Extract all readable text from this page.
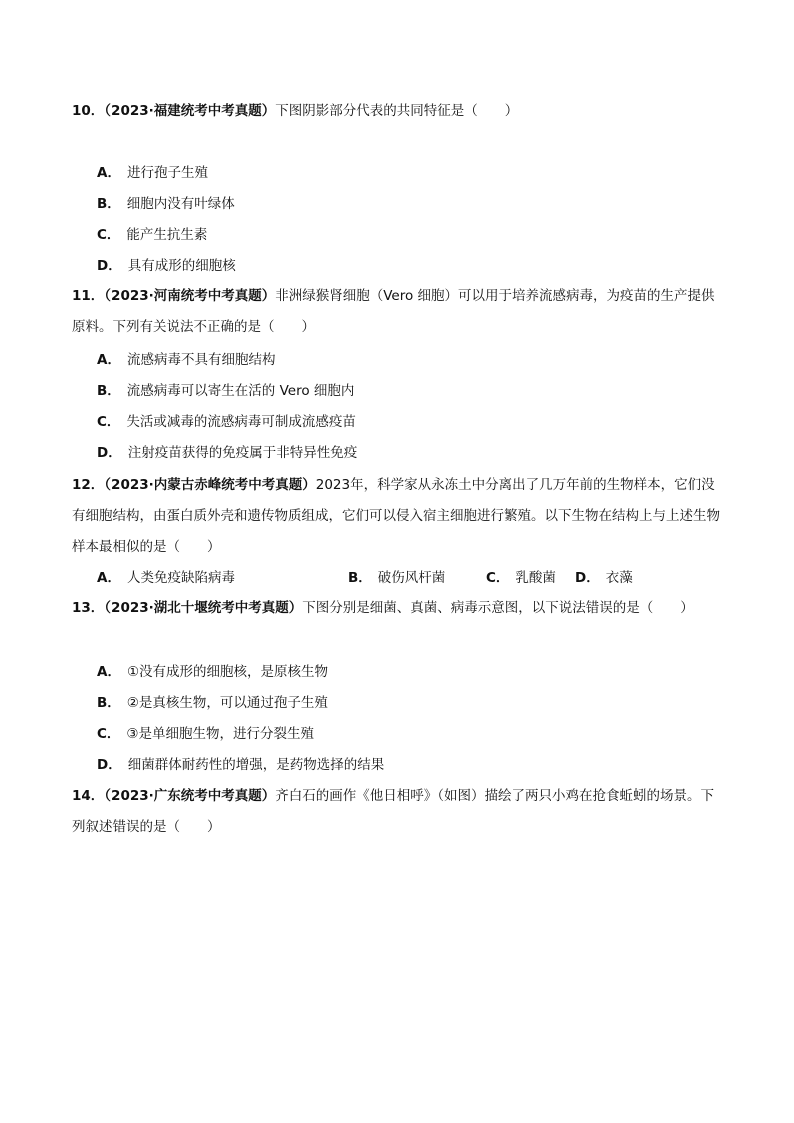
10．（2023·福建统考中考真题）下图阴影部分代表的共同特征是（　　）
A． 进行孢子生殖
B． 细胞内没有叶绿体
C． 能产生抗生素
D． 具有成形的细胞核
11．（2023·河南统考中考真题）非洲绿猴肾细胞（Vero 细胞）可以用于培养流感病毒，为疫苗的生产提供原料。下列有关说法不正确的是（　　）
A． 流感病毒不具有细胞结构
B． 流感病毒可以寄生在活的 Vero 细胞内
C． 失活或减毒的流感病毒可制成流感疫苗
D． 注射疫苗获得的免疫属于非特异性免疫
12．（2023·内蒙古赤峰统考中考真题）2023年，科学家从永冻土中分离出了几万年前的生物样本，它们没有细胞结构，由蛋白质外壳和遗传物质组成，它们可以侵入宿主细胞进行繁殖。以下生物在结构上与上述生物样本最相似的是（　　）
A． 人类免疫缺陷病毒	B． 破伤风杆菌	C． 乳酸菌 D． 衣藻
13．（2023·湖北十堰统考中考真题）下图分别是细菌、真菌、病毒示意图，以下说法错误的是（　　）
A． ①没有成形的细胞核，是原核生物
B． ②是真核生物，可以通过孢子生殖
C． ③是单细胞生物，进行分裂生殖
D． 细菌群体耐药性的增强，是药物选择的结果
14．（2023·广东统考中考真题）齐白石的画作《他日相呼》（如图）描绘了两只小鸡在抢食蚯蚓的场景。下列叙述错误的是（　　）
